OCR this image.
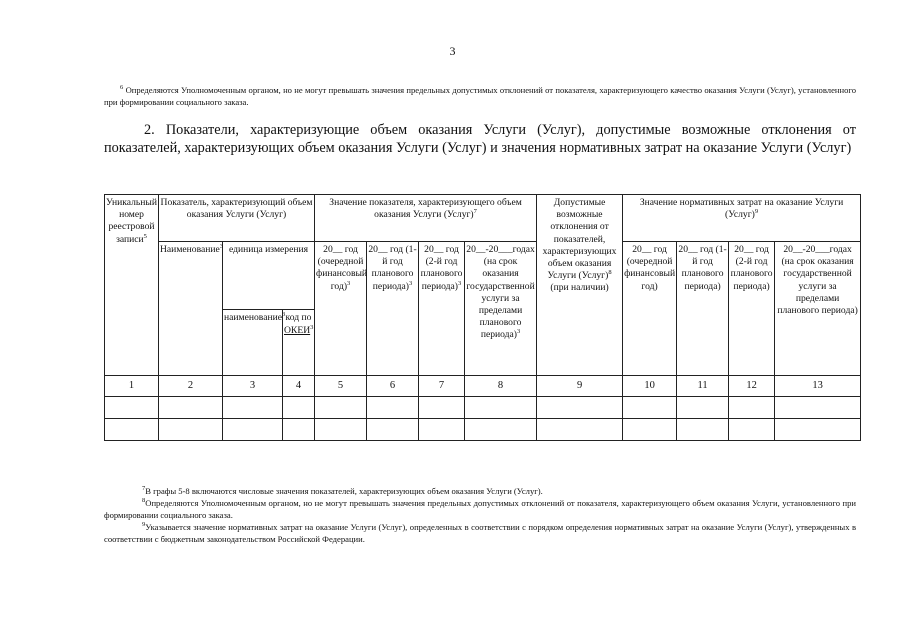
3
$^6$ Определяются Уполномоченным органом, но не могут превышать значения предельных допустимых отклонений от показателя, характеризующего качество оказания Услуги (Услуг), установленного при формировании социального заказа.
2. Показатели, характеризующие объем оказания Услуги (Услуг), допустимые возможные отклонения от показателей, характеризующих объем оказания Услуги (Услуг) и значения нормативных затрат на оказание Услуги (Услуг)
Уникальный номер реестровой записи$^5$	Показатель, характеризующий объем оказания Услуги (Услуг)			Значение показателя, характеризующего объем оказания Услуги (Услуг)$^7$				Допустимые возможные отклонения от показателей, характеризующих объем оказания Услуги (Услуг)$^8$ (при наличии)	Значение нормативных затрат на оказание Услуги (Услуг)$^9$
	Наименование$^3$	единица измерения		20__ год (очередной финансовый год)$^3$	20__ год (1-й год планового периода)$^3$	20__ год (2-й год планового периода)$^3$	20__-20___годах (на срок оказания государственной услуги за пределами планового периода)$^3$		20__ год (очередной финансовый год)	20__ год (1-й год планового периода)	20__ год (2-й год планового периода)	20__-20___годах (на срок оказания государственной услуги за пределами планового периода)
		наименование$^3$	код по ОКЕИ$^3$
1	2	3	4	5	6	7	8	9	10	11	12	13

$^7$В графы 5-8 включаются числовые значения показателей, характеризующих объем оказания Услуги (Услуг).
$^8$Определяются Уполномоченным органом, но не могут превышать значения предельных допустимых отклонений от показателя, характеризующего объем оказания Услуги, установленного при формировании социального заказа.
$^9$Указывается значение нормативных затрат на оказание Услуги (Услуг), определенных в соответствии с порядком определения нормативных затрат на оказание Услуги (Услуг), утвержденных в соответствии с бюджетным законодательством Российской Федерации.
